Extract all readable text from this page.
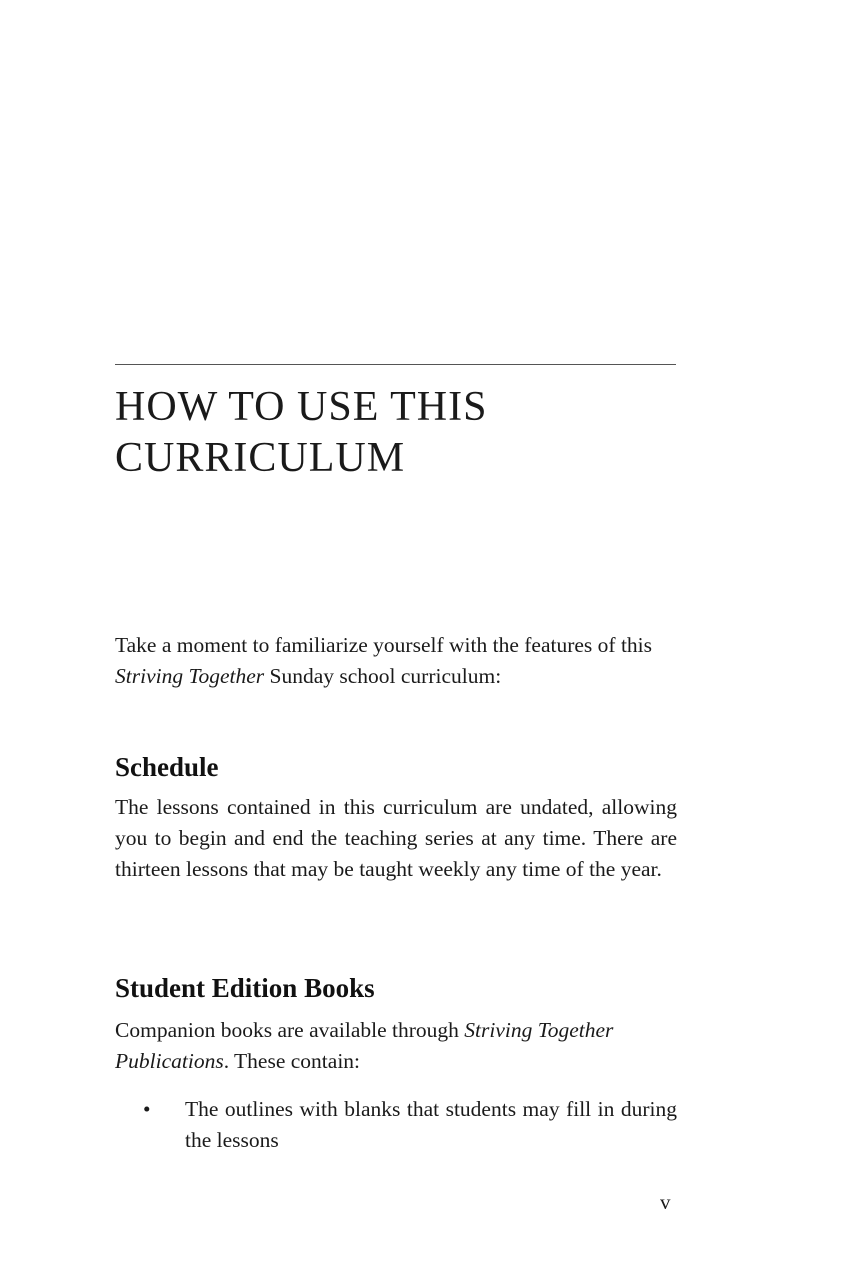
HOW TO USE THIS
CURRICULUM

Take a moment to familiarize yourself with the features of this Striving Together Sunday school curriculum:

Schedule

The lessons contained in this curriculum are undated, allowing you to begin and end the teaching series at any time. There are thirteen lessons that may be taught weekly any time of the year.

Student Edition Books

Companion books are available through Striving Together Publications. These contain:

• The outlines with blanks that students may fill in during the lessons
v
